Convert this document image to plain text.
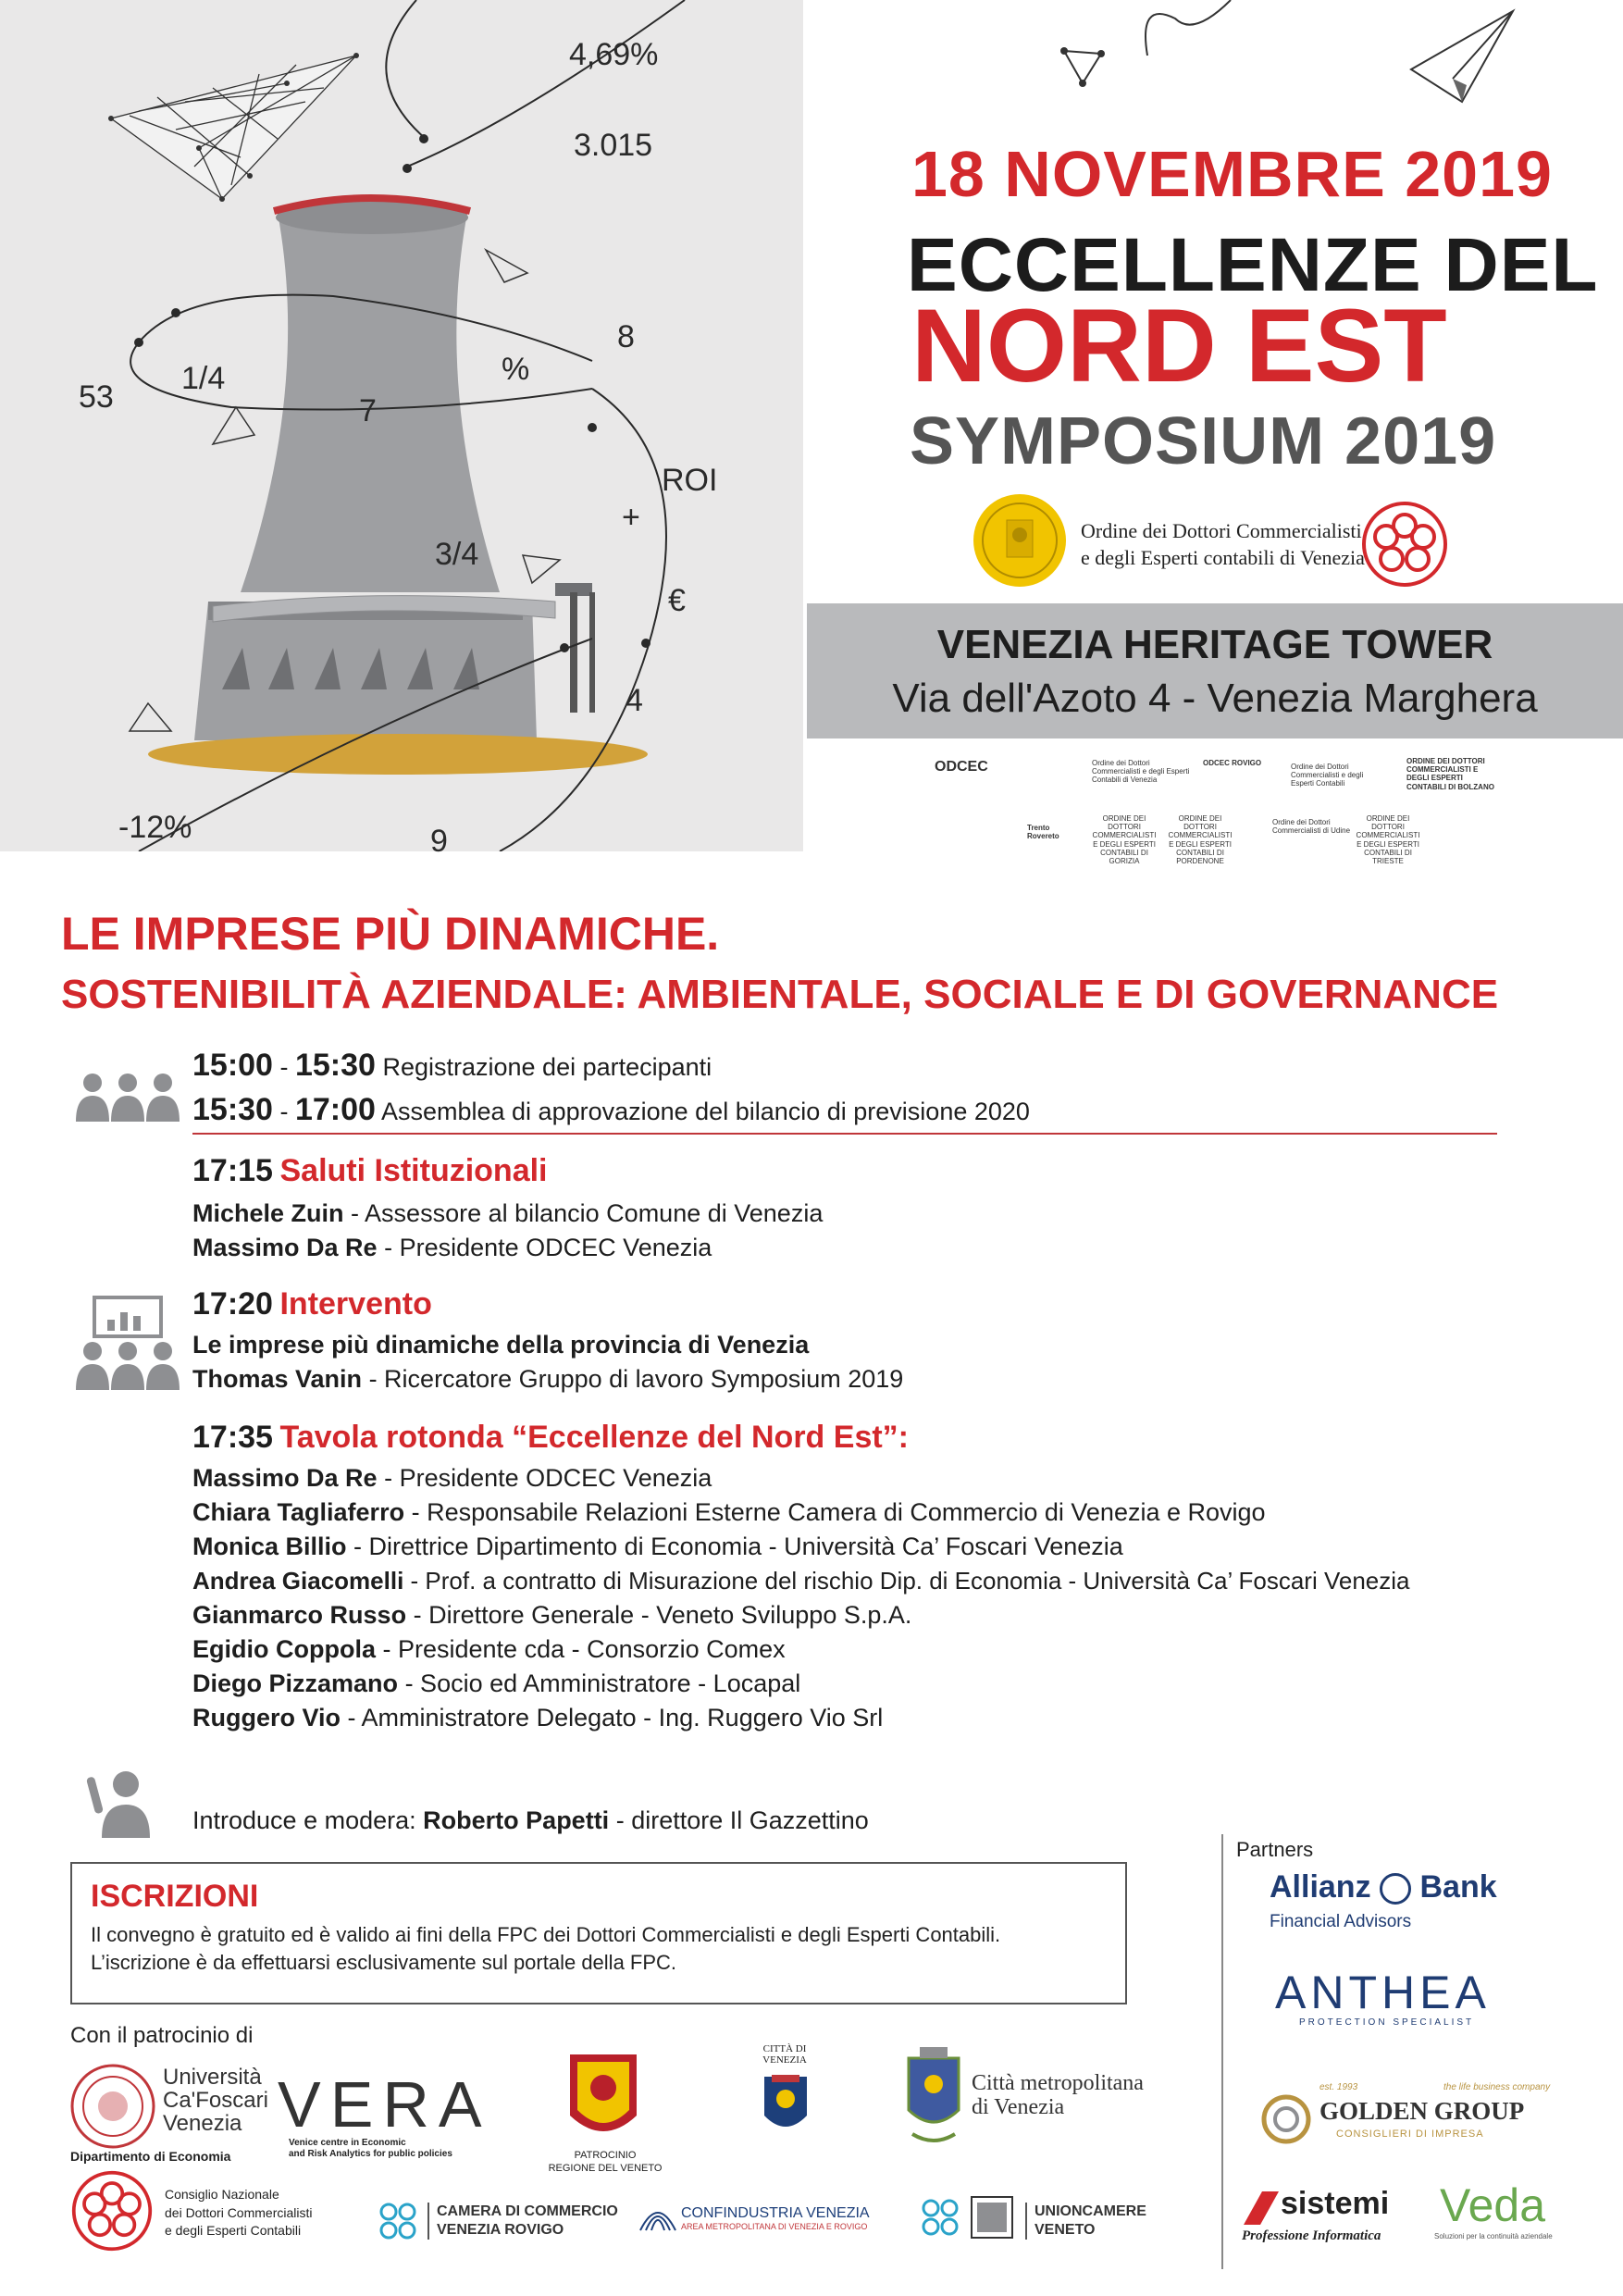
4,69%
3.015
8
53
1/4
7
%
ROI
+
3/4
€
4
-12%	9
18 NOVEMBRE 2019
ECCELLENZE DEL
NORD EST
SYMPOSIUM 2019
Ordine dei Dottori Commercialisti
e degli Esperti contabili di Venezia
VENEZIA HERITAGE TOWER
Via dell'Azoto 4 - Venezia Marghera
ODCEC	Ordine dei Dottori Commercialisti e degli Esperti Contabili di Venezia
ODCEC ROVIGO	Ordine dei Dottori Commercialisti e degli Esperti Contabili
ORDINE DEI DOTTORI COMMERCIALISTI E DEGLI ESPERTI CONTABILI DI BOLZANO
Trento Rovereto
ORDINE DEI DOTTORI COMMERCIALISTI E DEGLI ESPERTI CONTABILI DI GORIZIA
ORDINE DEI DOTTORI COMMERCIALISTI E DEGLI ESPERTI CONTABILI DI PORDENONE
Ordine dei Dottori Commercialisti di Udine
ORDINE DEI DOTTORI COMMERCIALISTI E DEGLI ESPERTI CONTABILI DI TRIESTE
LE IMPRESE PIÙ DINAMICHE.
SOSTENIBILITÀ AZIENDALE: AMBIENTALE, SOCIALE E DI GOVERNANCE
15:00 - 15:30 Registrazione dei partecipanti
15:30 - 17:00 Assemblea di approvazione del bilancio di previsione 2020
17:15 Saluti Istituzionali
Michele Zuin - Assessore al bilancio Comune di Venezia
Massimo Da Re - Presidente ODCEC Venezia
17:20 Intervento
Le imprese più dinamiche della provincia di Venezia
Thomas Vanin - Ricercatore Gruppo di lavoro Symposium 2019
17:35 Tavola rotonda “Eccellenze del Nord Est”:
Massimo Da Re - Presidente ODCEC Venezia
Chiara Tagliaferro - Responsabile Relazioni Esterne Camera di Commercio di Venezia e Rovigo
Monica Billio - Direttrice Dipartimento di Economia - Università Ca’ Foscari Venezia
Andrea Giacomelli - Prof. a contratto di Misurazione del rischio Dip. di Economia - Università Ca’ Foscari Venezia
Gianmarco Russo - Direttore Generale - Veneto Sviluppo S.p.A.
Egidio Coppola - Presidente cda - Consorzio Comex
Diego Pizzamano - Socio ed Amministratore - Locapal
Ruggero Vio - Amministratore Delegato - Ing. Ruggero Vio Srl
Introduce e modera: Roberto Papetti - direttore Il Gazzettino
ISCRIZIONI
Il convegno è gratuito ed è valido ai fini della FPC dei Dottori Commercialisti e degli Esperti Contabili.
L’iscrizione è da effettuarsi esclusivamente sul portale della FPC.
Con il patrocinio di
Università
Ca'Foscari
Venezia
Dipartimento di Economia
VERA
Venice centre in Economic
and Risk Analytics for public policies	PATROCINIO
REGIONE DEL VENETO
CITTÀ DI VENEZIA
Città metropolitana
di Venezia
Consiglio Nazionale
dei Dottori Commercialisti
e degli Esperti Contabili
CAMERA DI COMMERCIO
VENEZIA ROVIGO
CONFINDUSTRIA VENEZIA
AREA METROPOLITANA DI VENEZIA E ROVIGO
UNIONCAMERE
VENETO
Partners
Allianz Bank
Financial Advisors
ANTHEA
PROTECTION SPECIALIST
est. 1993	the life business company
GOLDEN GROUP
CONSIGLIERI DI IMPRESA
sistemi
Professione Informatica
Veda
Soluzioni per la continuità aziendale
